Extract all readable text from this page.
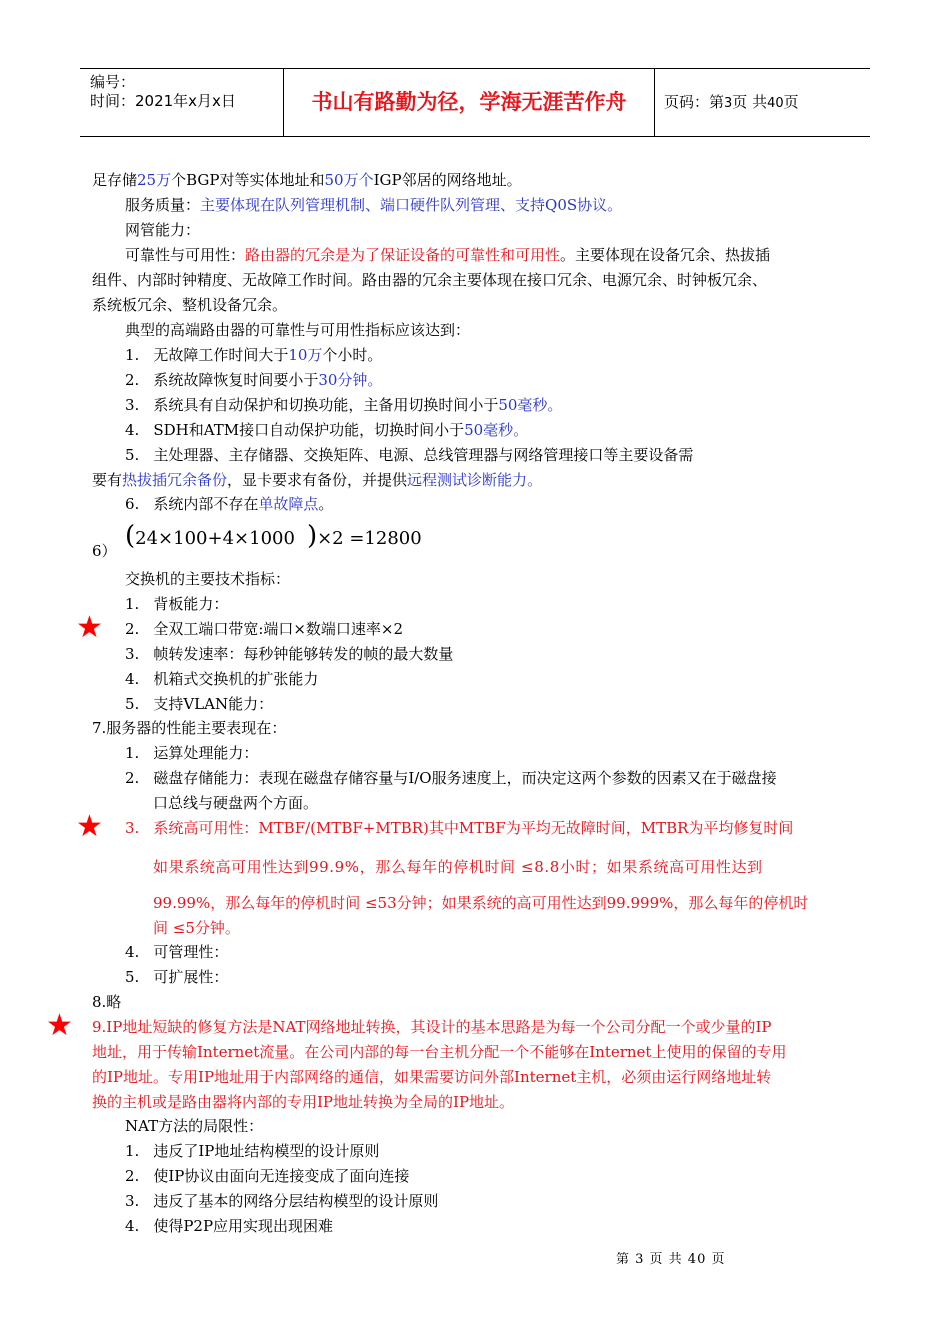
编号：
时间：2021年x月x日	书山有路勤为径，学海无涯苦作舟	页码：第3页 共40页
足存储25万个BGP对等实体地址和50万个IGP邻居的网络地址。
服务质量：主要体现在队列管理机制、端口硬件队列管理、支持Q0S协议。
网管能力：
可靠性与可用性：路由器的冗余是为了保证设备的可靠性和可用性。主要体现在设备冗余、热拔插
组件、内部时钟精度、无故障工作时间。路由器的冗余主要体现在接口冗余、电源冗余、时钟板冗余、
系统板冗余、整机设备冗余。
典型的高端路由器的可靠性与可用性指标应该达到：
1. 无故障工作时间大于10万个小时。
2. 系统故障恢复时间要小于30分钟。
3. 系统具有自动保护和切换功能，主备用切换时间小于50毫秒。
4. SDH和ATM接口自动保护功能，切换时间小于50毫秒。
5. 主处理器、主存储器、交换矩阵、电源、总线管理器与网络管理接口等主要设备需
要有热拔插冗余备份，显卡要求有备份，并提供远程测试诊断能力。
6. 系统内部不存在单故障点。
6） (24×100+4×1000 )×2 =12800
交换机的主要技术指标：
1. 背板能力：
★ 2. 全双工端口带宽:端口×数端口速率×2
3. 帧转发速率：每秒钟能够转发的帧的最大数量
4. 机箱式交换机的扩张能力
5. 支持VLAN能力：
7.服务器的性能主要表现在：
1. 运算处理能力：
2. 磁盘存储能力：表现在磁盘存储容量与I/O服务速度上，而决定这两个参数的因素又在于磁盘接
口总线与硬盘两个方面。
★ 3. 系统高可用性：MTBF/(MTBF+MTBR)其中MTBF为平均无故障时间，MTBR为平均修复时间
如果系统高可用性达到99.9%，那么每年的停机时间 ≤8.8小时；如果系统高可用性达到
99.99%，那么每年的停机时间 ≤53分钟；如果系统的高可用性达到99.999%，那么每年的停机时
间 ≤5分钟。
4. 可管理性：
5. 可扩展性：
8.略
★ 9.IP地址短缺的修复方法是NAT网络地址转换，其设计的基本思路是为每一个公司分配一个或少量的IP
地址，用于传输Internet流量。在公司内部的每一台主机分配一个不能够在Internet上使用的保留的专用
的IP地址。专用IP地址用于内部网络的通信，如果需要访问外部Internet主机，必须由运行网络地址转
换的主机或是路由器将内部的专用IP地址转换为全局的IP地址。
NAT方法的局限性：
1. 违反了IP地址结构模型的设计原则
2. 使IP协议由面向无连接变成了面向连接
3. 违反了基本的网络分层结构模型的设计原则
4. 使得P2P应用实现出现困难
第 3 页 共 40 页
